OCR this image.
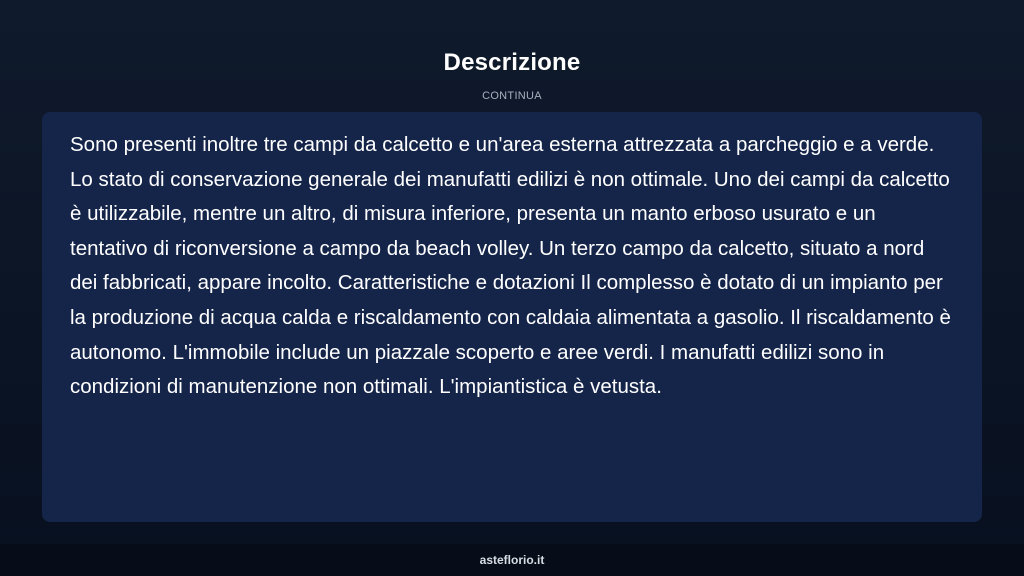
Descrizione
CONTINUA

Sono presenti inoltre tre campi da calcetto e un'area esterna attrezzata a parcheggio e a verde. Lo stato di conservazione generale dei manufatti edilizi è non ottimale. Uno dei campi da calcetto è utilizzabile, mentre un altro, di misura inferiore, presenta un manto erboso usurato e un tentativo di riconversione a campo da beach volley. Un terzo campo da calcetto, situato a nord dei fabbricati, appare incolto. Caratteristiche e dotazioni Il complesso è dotato di un impianto per la produzione di acqua calda e riscaldamento con caldaia alimentata a gasolio. Il riscaldamento è autonomo. L'immobile include un piazzale scoperto e aree verdi. I manufatti edilizi sono in condizioni di manutenzione non ottimali. L'impiantistica è vetusta.

asteflorio.it
